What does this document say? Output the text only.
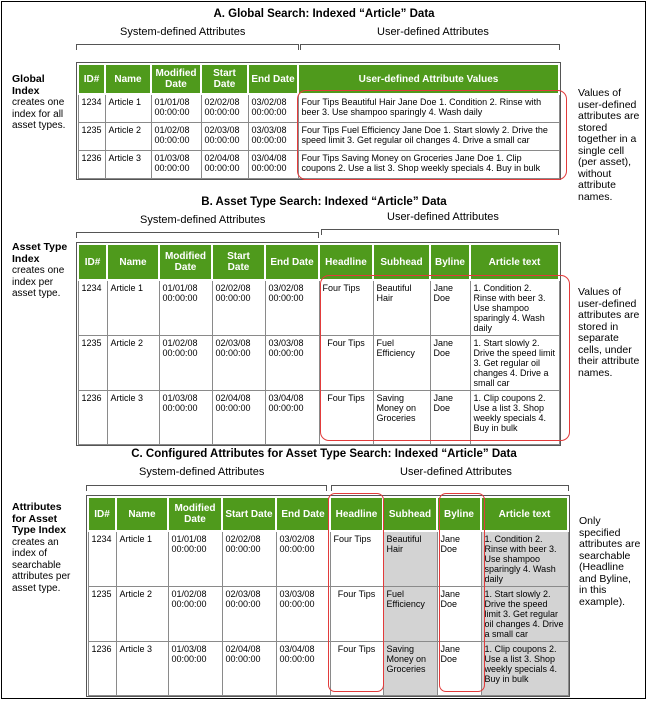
A. Global Search: Indexed “Article” Data
System-defined Attributes	User-defined Attributes
Global Index
creates one index for all asset types.
Values of user-defined attributes are stored together in a single cell (per asset), without attribute names.
ID#	Name	Modified Date	Start Date	End Date	User-defined Attribute Values
1234	Article 1	01/01/08 00:00:00	02/02/08 00:00:00	03/02/08 00:00:00	Four Tips Beautiful Hair Jane Doe 1. Condition 2. Rinse with beer 3. Use shampoo sparingly 4. Wash daily
1235	Article 2	01/02/08 00:00:00	02/03/08 00:00:00	03/03/08 00:00:00	Four Tips Fuel Efficiency Jane Doe 1. Start slowly 2. Drive the speed limit 3. Get regular oil changes 4. Drive a small car
1236	Article 3	01/03/08 00:00:00	02/04/08 00:00:00	03/04/08 00:00:00	Four Tips Saving Money on Groceries Jane Doe 1. Clip coupons 2. Use a list 3. Shop weekly specials 4. Buy in bulk
B. Asset Type Search: Indexed “Article” Data
System-defined Attributes	User-defined Attributes
Asset Type Index
creates one index per asset type.	Values of user-defined attributes are stored in separate cells, under their attribute names.
ID#	Name	Modified Date	Start Date	End Date	Headline	Subhead	Byline	Article text
1234	Article 1	01/01/08 00:00:00	02/02/08 00:00:00	03/02/08 00:00:00	Four Tips	Beautiful Hair	Jane Doe	1. Condition 2. Rinse with beer 3. Use shampoo sparingly 4. Wash daily
1235	Article 2	01/02/08 00:00:00	02/03/08 00:00:00	03/03/08 00:00:00	Four Tips	Fuel Efficiency	Jane Doe	1. Start slowly 2. Drive the speed limit 3. Get regular oil changes 4. Drive a small car
1236	Article 3	01/03/08 00:00:00	02/04/08 00:00:00	03/04/08 00:00:00	Four Tips	Saving Money on Groceries	Jane Doe	1. Clip coupons 2. Use a list 3. Shop weekly specials 4. Buy in bulk
C. Configured Attributes for Asset Type Search: Indexed “Article” Data
System-defined Attributes	User-defined Attributes
Attributes for Asset Type Index
creates an index of searchable attributes per asset type.
Only specified attributes are searchable (Headline and Byline, in this example).
ID#	Name	Modified Date	Start Date	End Date	Headline	Subhead	Byline	Article text
1234	Article 1	01/01/08 00:00:00	02/02/08 00:00:00	03/02/08 00:00:00	Four Tips	Beautiful Hair	Jane Doe	1. Condition 2. Rinse with beer 3. Use shampoo sparingly 4. Wash daily
1235	Article 2	01/02/08 00:00:00	02/03/08 00:00:00	03/03/08 00:00:00	Four Tips	Fuel Efficiency	Jane Doe	1. Start slowly 2. Drive the speed limit 3. Get regular oil changes 4. Drive a small car
1236	Article 3	01/03/08 00:00:00	02/04/08 00:00:00	03/04/08 00:00:00	Four Tips	Saving Money on Groceries	Jane Doe	1. Clip coupons 2. Use a list 3. Shop weekly specials 4. Buy in bulk
